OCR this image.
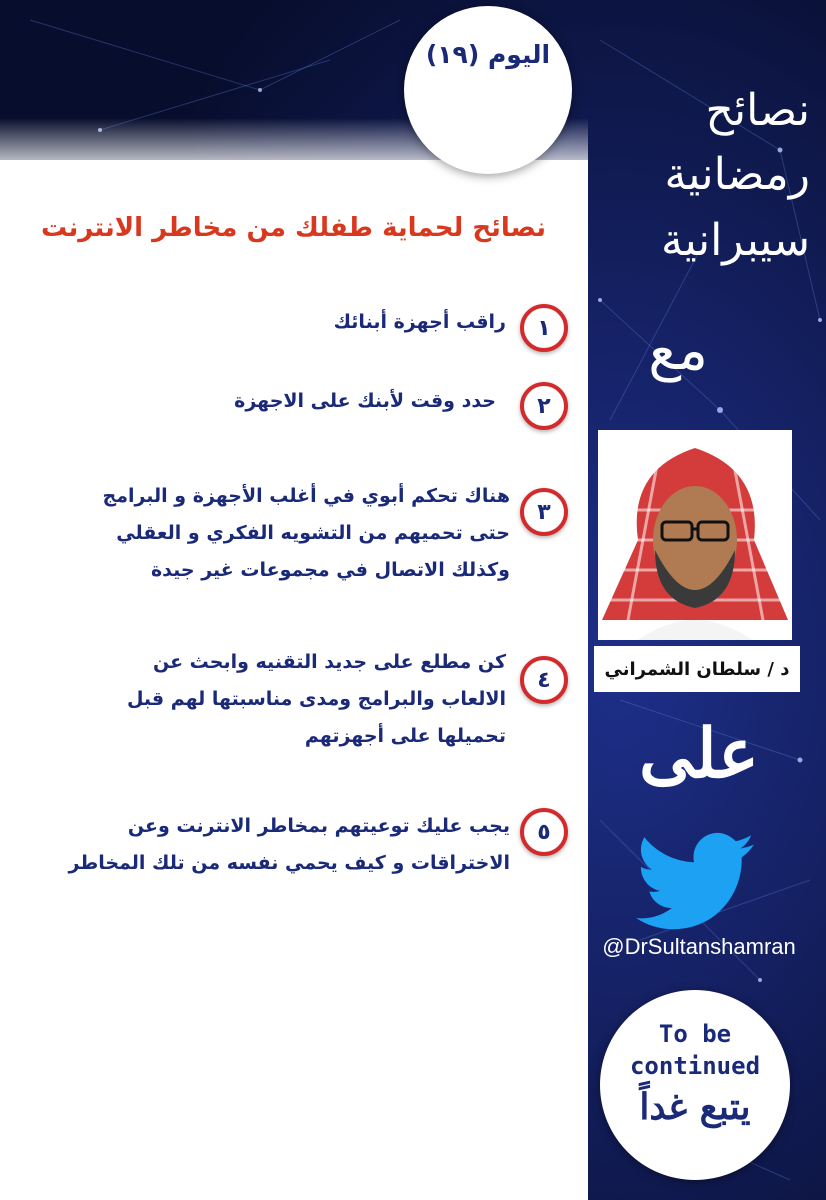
اليوم (١٩)
نصائح لحماية طفلك من مخاطر الانترنت
١
راقب أجهزة أبنائك
٢
حدد وقت لأبنك على الاجهزة
٣
هناك تحكم أبوي في أغلب الأجهزة و البرامج
حتى تحميهم من التشويه الفكري و العقلي
وكذلك الاتصال في مجموعات غير جيدة
٤
كن مطلع على جديد التقنيه وابحث عن
الالعاب والبرامج ومدى مناسبتها لهم قبل
تحميلها على أجهزتهم
٥
يجب عليك توعيتهم بمخاطر الانترنت وعن
الاختراقات و كيف يحمي نفسه من تلك المخاطر
نصائح
رمضانية
سيبرانية
مع
د / سلطان الشمراني
على
@DrSultanshamran
To be
continued
يتبع غداً
